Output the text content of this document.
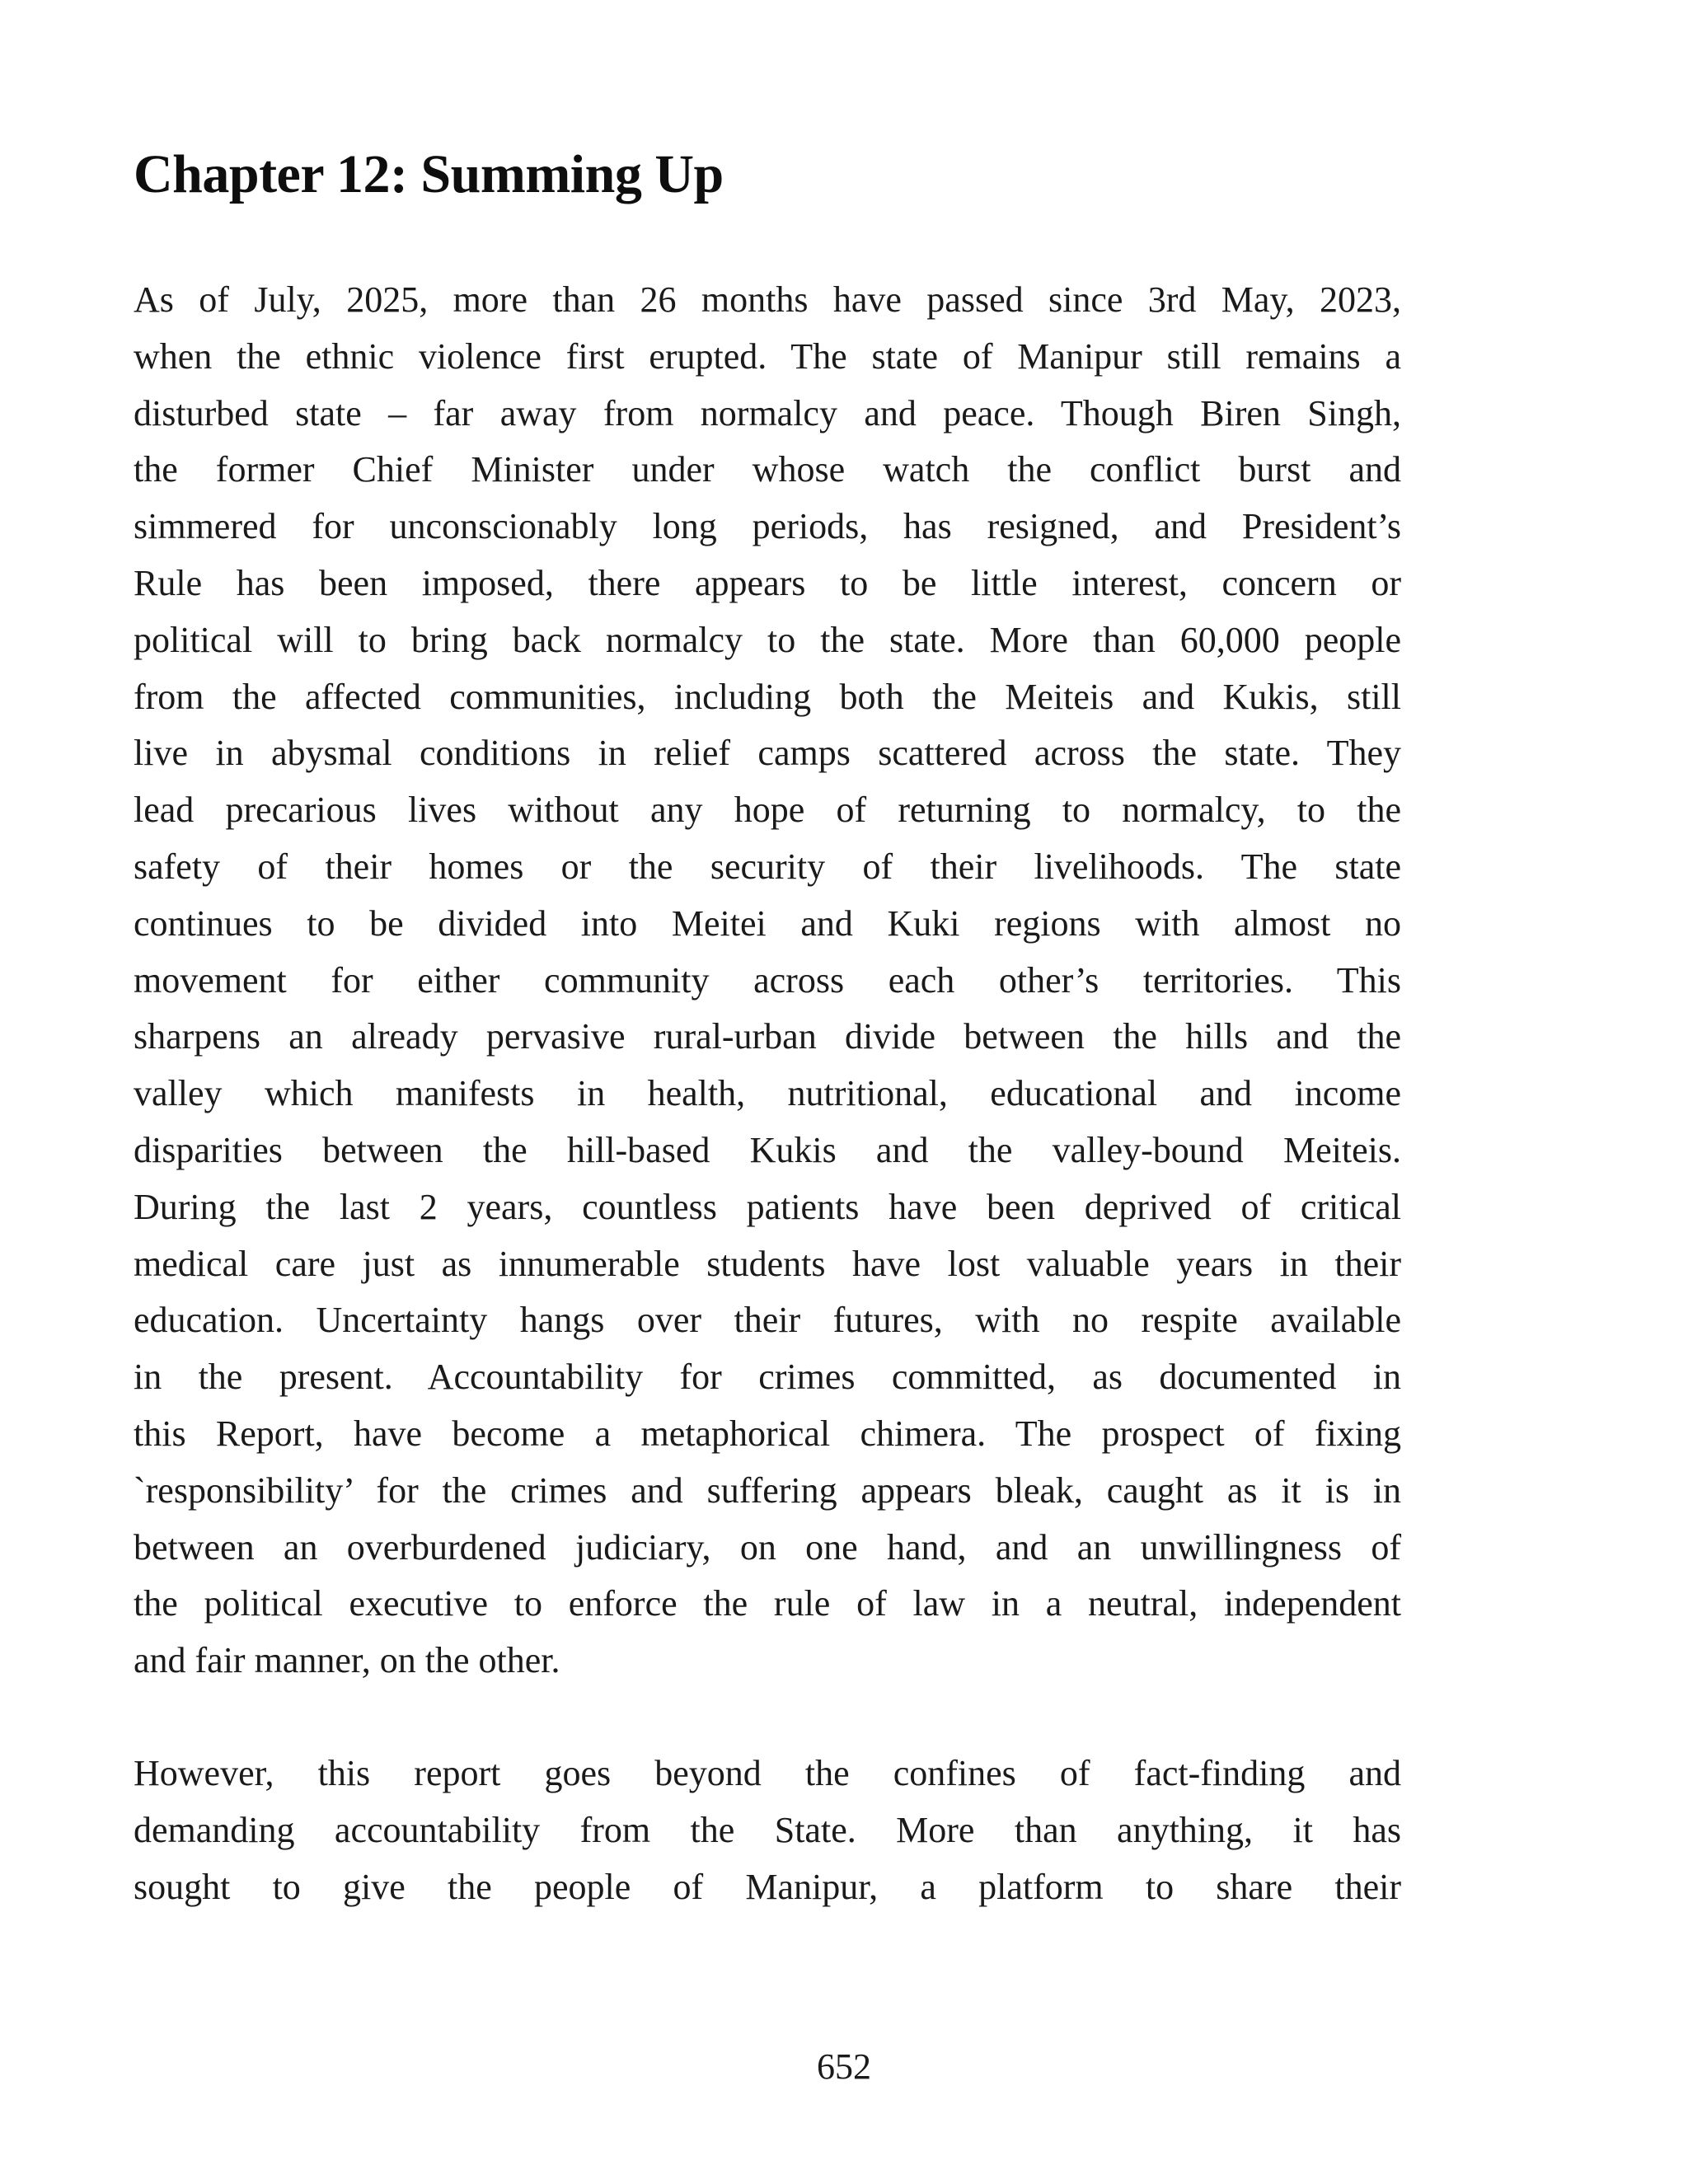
Chapter 12: Summing Up
As of July, 2025, more than 26 months have passed since 3rd May, 2023,
when the ethnic violence first erupted. The state of Manipur still remains a
disturbed state – far away from normalcy and peace. Though Biren Singh,
the former Chief Minister under whose watch the conflict burst and
simmered for unconscionably long periods, has resigned, and President’s
Rule has been imposed, there appears to be little interest, concern or
political will to bring back normalcy to the state. More than 60,000 people
from the affected communities, including both the Meiteis and Kukis, still
live in abysmal conditions in relief camps scattered across the state. They
lead precarious lives without any hope of returning to normalcy, to the
safety of their homes or the security of their livelihoods. The state
continues to be divided into Meitei and Kuki regions with almost no
movement for either community across each other’s territories. This
sharpens an already pervasive rural-urban divide between the hills and the
valley which manifests in health, nutritional, educational and income
disparities between the hill-based Kukis and the valley-bound Meiteis.
During the last 2 years, countless patients have been deprived of critical
medical care just as innumerable students have lost valuable years in their
education. Uncertainty hangs over their futures, with no respite available
in the present. Accountability for crimes committed, as documented in
this Report, have become a metaphorical chimera. The prospect of fixing
`responsibility’ for the crimes and suffering appears bleak, caught as it is in
between an overburdened judiciary, on one hand, and an unwillingness of
the political executive to enforce the rule of law in a neutral, independent
and fair manner, on the other.
However, this report goes beyond the confines of fact-finding and
demanding accountability from the State. More than anything, it has
sought to give the people of Manipur, a platform to share their
652
